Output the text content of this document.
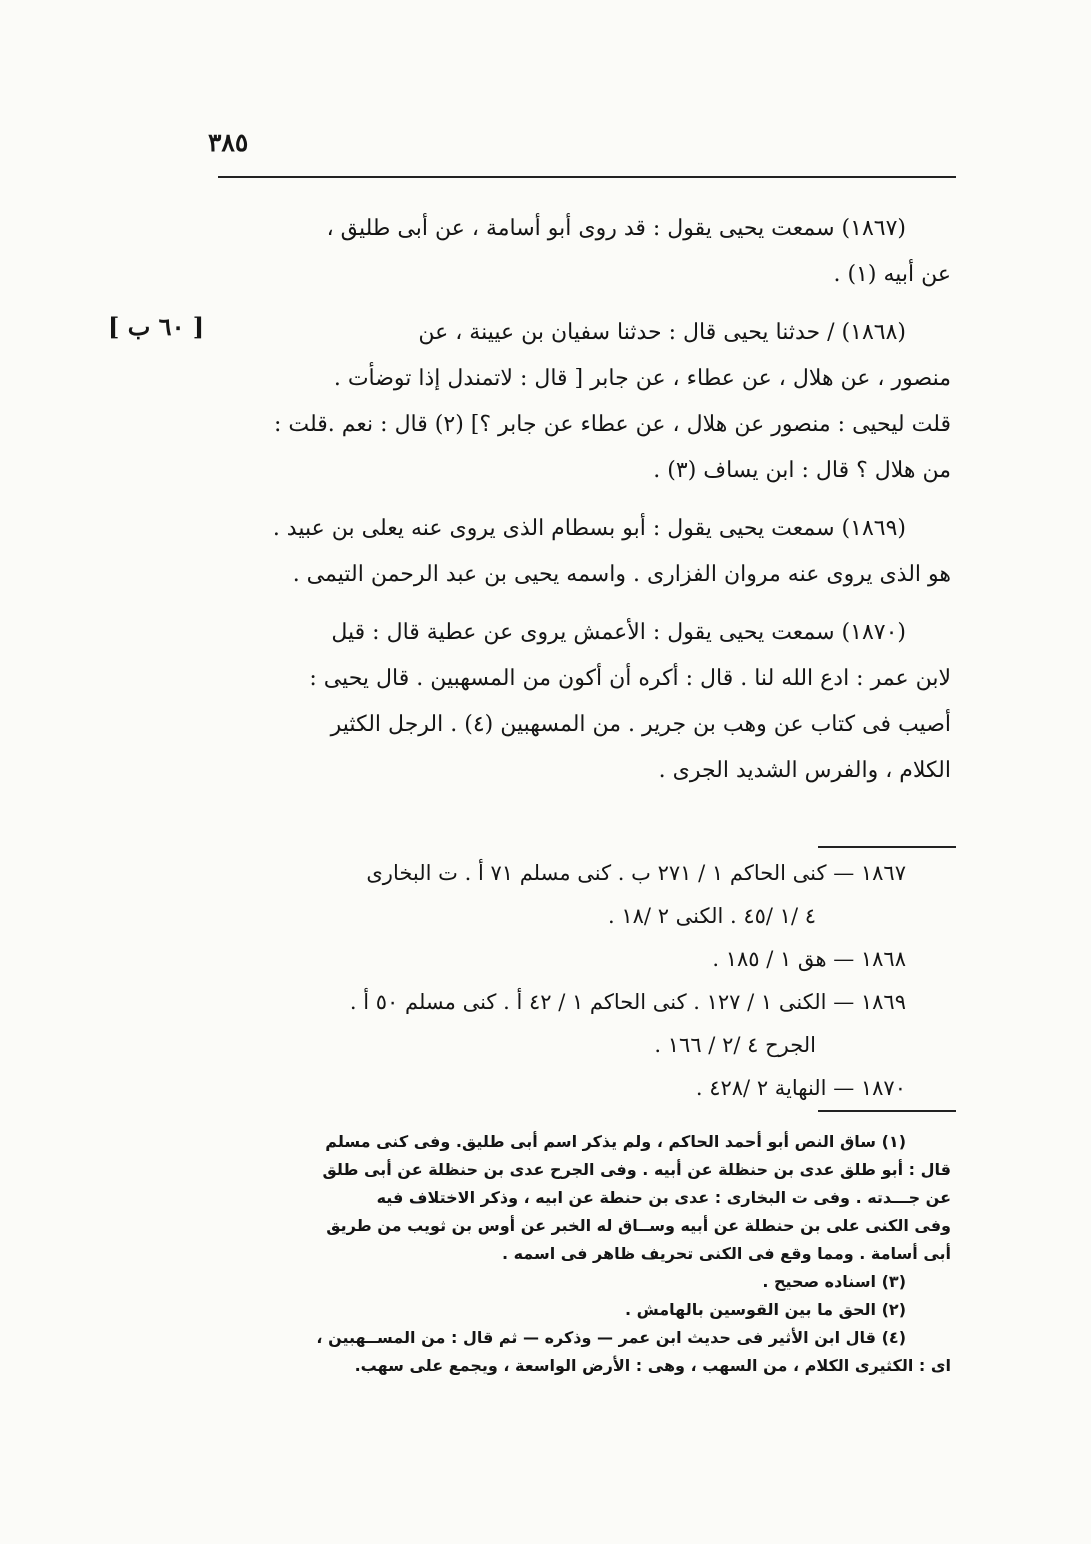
٣٨٥
[ ٦٠ ب ]
(١٨٦٧) سمعت يحيى يقول : قد روى أبو أسامة ، عن أبى طليق ،
عن أبيه (١) .
(١٨٦٨) / حدثنا يحيى قال : حدثنا سفيان بن عيينة ، عن
منصور ، عن هلال ، عن عطاء ، عن جابر [ قال : لاتمندل إذا توضأت .
قلت ليحيى : منصور عن هلال ، عن عطاء عن جابر ؟] (٢) قال : نعم .قلت :
من هلال ؟ قال : ابن يساف (٣) .
(١٨٦٩) سمعت يحيى يقول : أبو بسطام الذى يروى عنه يعلى بن عبيد .
هو الذى يروى عنه مروان الفزارى . واسمه يحيى بن عبد الرحمن التيمى .
(١٨٧٠) سمعت يحيى يقول : الأعمش يروى عن عطية قال : قيل
لابن عمر : ادع الله لنا . قال : أكره أن أكون من المسهبين . قال يحيى :
أصيب فى كتاب عن وهب بن جرير . من المسهبين (٤) . الرجل الكثير
الكلام ، والفرس الشديد الجرى .
١٨٦٧ — كنى الحاكم ١ / ٢٧١ ب . كنى مسلم ٧١ أ . ت البخارى
٤ /١ /٤٥ . الكنى ٢ /١٨ .
١٨٦٨ — هق ١ / ١٨٥ .
١٨٦٩ — الكنى ١ / ١٢٧ . كنى الحاكم ١ / ٤٢ أ . كنى مسلم ٥٠ أ .
الجرح ٤ /٢ / ١٦٦ .
١٨٧٠ — النهاية ٢ /٤٢٨ .
(١) ساق النص أبو أحمد الحاكم ، ولم يذكر اسم أبى طليق. وفى كنى مسلم
قال : أبو طلق عدى بن حنظلة عن أبيه . وفى الجرح عدى بن حنظلة عن أبى طلق
عن جـــدته . وفى ت البخارى : عدى بن حنطة عن ابيه ، وذكر الاختلاف فيه
وفى الكنى على بن حنطلة عن أبيه وســاق له الخبر عن أوس بن ثويب من طريق
أبى أسامة . ومما وقع فى الكنى تحريف ظاهر فى اسمه .
(٣) اسناده صحيح .
(٢) الحق ما بين القوسين بالهامش .
(٤) قال ابن الأثير فى حديث ابن عمر — وذكره — ثم قال : من المســهبين ،
اى : الكثيرى الكلام ، من السهب ، وهى : الأرض الواسعة ، ويجمع على سهب.
